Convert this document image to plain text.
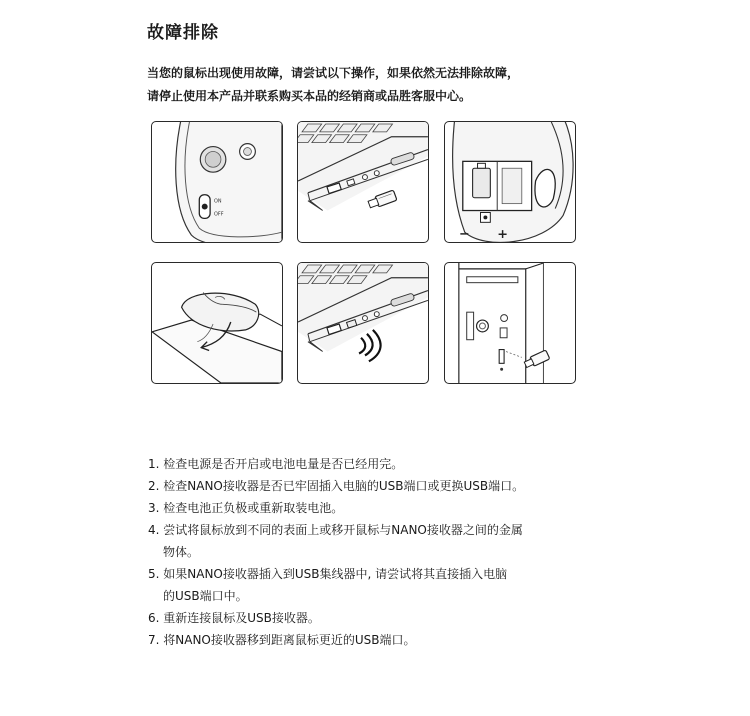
故障排除
当您的鼠标出现使用故障，请尝试以下操作，如果依然无法排除故障，
请停止使用本产品并联系购买本品的经销商或品胜客服中心。
ON
OFF
− +
1. 检查电源是否开启或电池电量是否已经用完。
2. 检查NANO接收器是否已牢固插入电脑的USB端口或更换USB端口。
3. 检查电池正负极或重新取装电池。
4. 尝试将鼠标放到不同的表面上或移开鼠标与NANO接收器之间的金属
物体。
5. 如果NANO接收器插入到USB集线器中, 请尝试将其直接插入电脑
的USB端口中。
6. 重新连接鼠标及USB接收器。
7. 将NANO接收器移到距离鼠标更近的USB端口。
